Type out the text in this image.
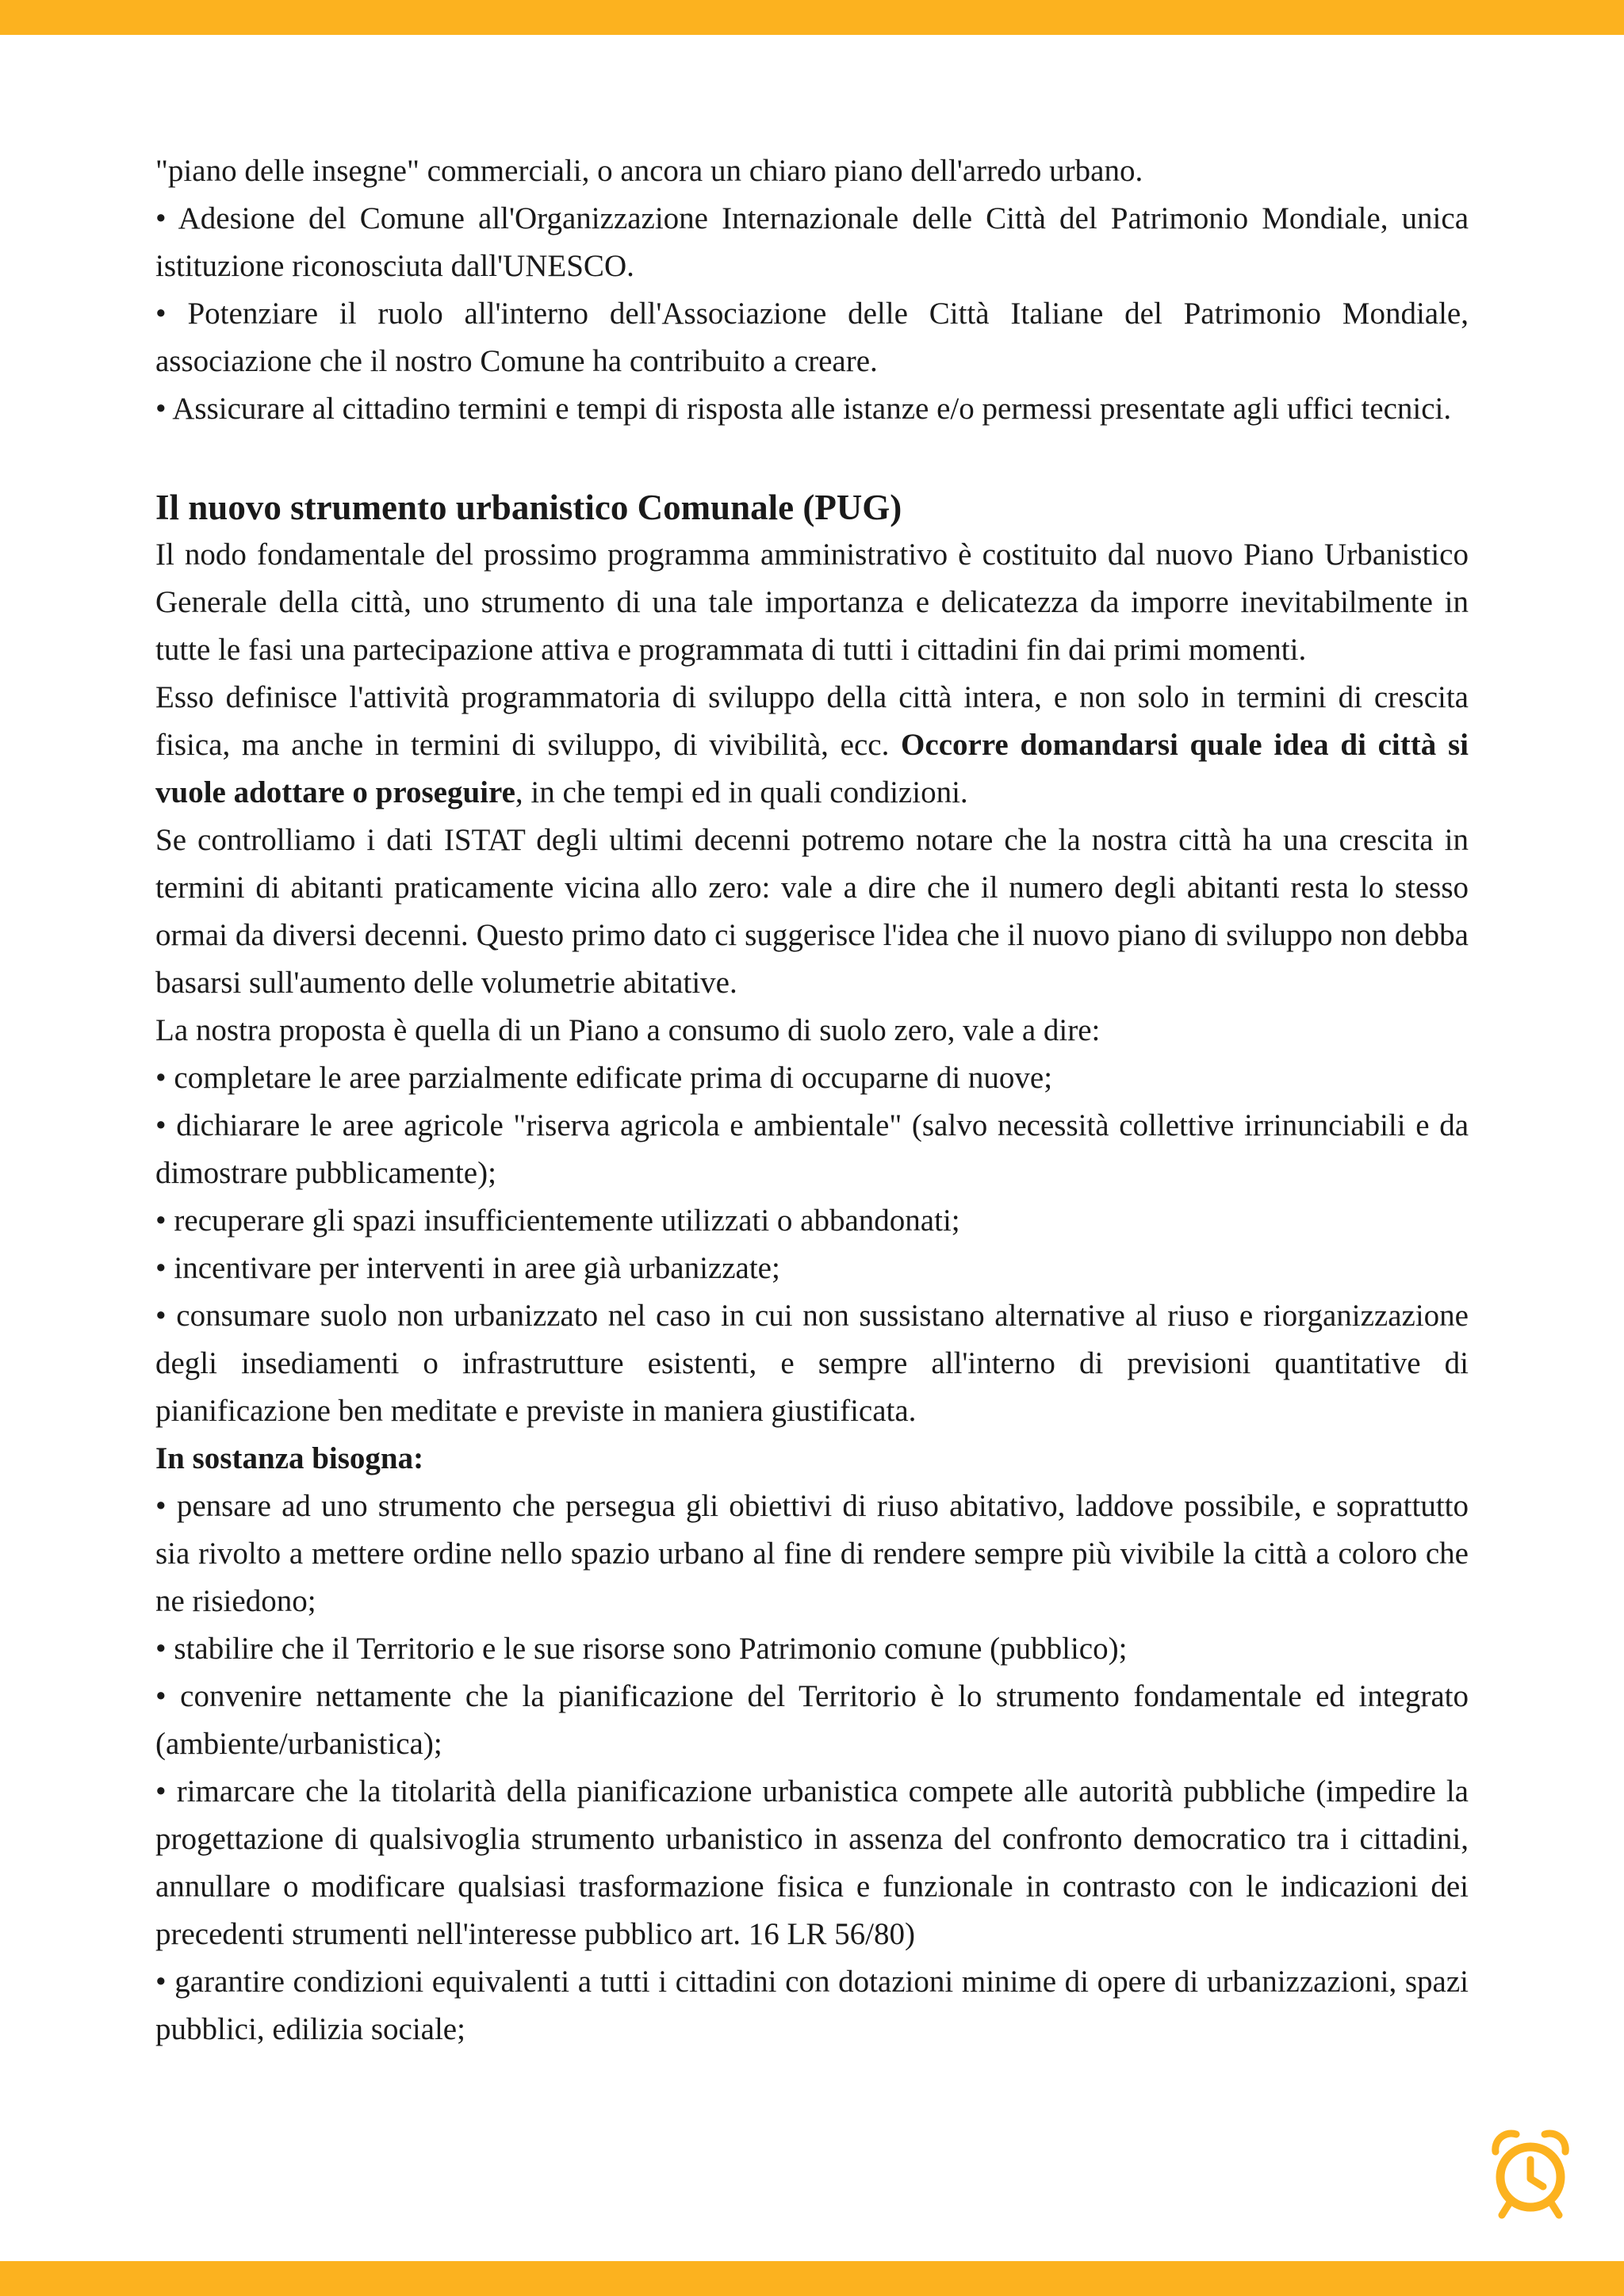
"piano delle insegne" commerciali, o ancora un chiaro piano dell'arredo urbano.

• Adesione del Comune all'Organizzazione Internazionale delle Città del Patrimonio Mondiale, unica istituzione riconosciuta dall'UNESCO.

• Potenziare il ruolo all'interno dell'Associazione delle Città Italiane del Patrimonio Mondiale, associazione che il nostro Comune ha contribuito a creare.

• Assicurare al cittadino termini e tempi di risposta alle istanze e/o permessi presentate agli uffici tecnici.

Il nuovo strumento urbanistico Comunale (PUG)

Il nodo fondamentale del prossimo programma amministrativo è costituito dal nuovo Piano Urbanistico Generale della città, uno strumento di una tale importanza e delicatezza da imporre inevitabilmente in tutte le fasi una partecipazione attiva e programmata di tutti i cittadini fin dai primi momenti.

Esso definisce l'attività programmatoria di sviluppo della città intera, e non solo in termini di crescita fisica, ma anche in termini di sviluppo, di vivibilità, ecc. Occorre domandarsi quale idea di città si vuole adottare o proseguire, in che tempi ed in quali condizioni.

Se controlliamo i dati ISTAT degli ultimi decenni potremo notare che la nostra città ha una crescita in termini di abitanti praticamente vicina allo zero: vale a dire che il numero degli abitanti resta lo stesso ormai da diversi decenni. Questo primo dato ci suggerisce l'idea che il nuovo piano di sviluppo non debba basarsi sull'aumento delle volumetrie abitative.

La nostra proposta è quella di un Piano a consumo di suolo zero, vale a dire:

• completare le aree parzialmente edificate prima di occuparne di nuove;

• dichiarare le aree agricole "riserva agricola e ambientale" (salvo necessità collettive irrinunciabili e da dimostrare pubblicamente);

• recuperare gli spazi insufficientemente utilizzati o abbandonati;

• incentivare per interventi in aree già urbanizzate;

• consumare suolo non urbanizzato nel caso in cui non sussistano alternative al riuso e riorganizzazione degli insediamenti o infrastrutture esistenti, e sempre all'interno di previsioni quantitative di pianificazione ben meditate e previste in maniera giustificata.

In sostanza bisogna:

• pensare ad uno strumento che persegua gli obiettivi di riuso abitativo, laddove possibile, e soprattutto sia rivolto a mettere ordine nello spazio urbano al fine di rendere sempre più vivibile la città a coloro che ne risiedono;

• stabilire che il Territorio e le sue risorse sono Patrimonio comune (pubblico);

• convenire nettamente che la pianificazione del Territorio è lo strumento fondamentale ed integrato (ambiente/urbanistica);

• rimarcare che la titolarità della pianificazione urbanistica compete alle autorità pubbliche (impedire la progettazione di qualsivoglia strumento urbanistico in assenza del confronto democratico tra i cittadini, annullare o modificare qualsiasi trasformazione fisica e funzionale in contrasto con le indicazioni dei precedenti strumenti nell'interesse pubblico art. 16 LR 56/80)

• garantire condizioni equivalenti a tutti i cittadini con dotazioni minime di opere di urbanizzazioni, spazi pubblici, edilizia sociale;
